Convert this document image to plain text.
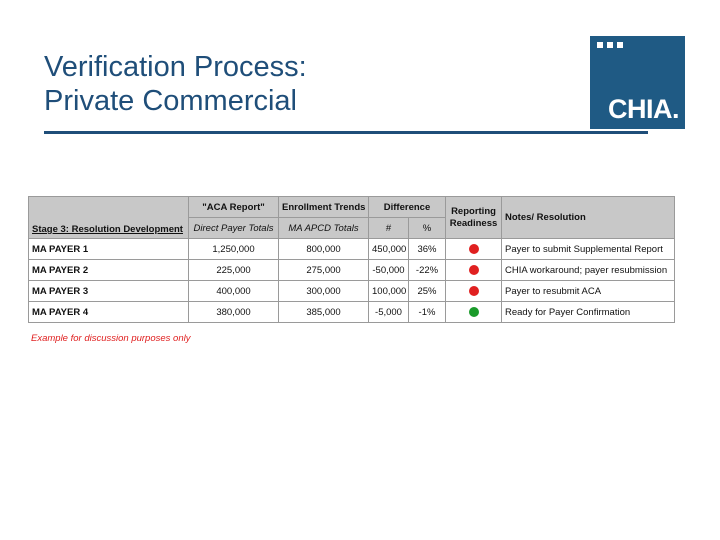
Verification Process:
Private Commercial	CHIA.
Stage 3: Resolution Development	"ACA Report"	Enrollment Trends	Difference		Reporting Readiness	Notes/ Resolution
	Direct Payer Totals	MA APCD Totals	#	%		
MA PAYER 1	1,250,000	800,000	450,000	36%		Payer to submit Supplemental Report
MA PAYER 2	225,000	275,000	-50,000	-22%		CHIA workaround; payer resubmission
MA PAYER 3	400,000	300,000	100,000	25%		Payer to resubmit ACA
MA PAYER 4	380,000	385,000	-5,000	-1%		Ready for Payer Confirmation
Example for discussion purposes only
